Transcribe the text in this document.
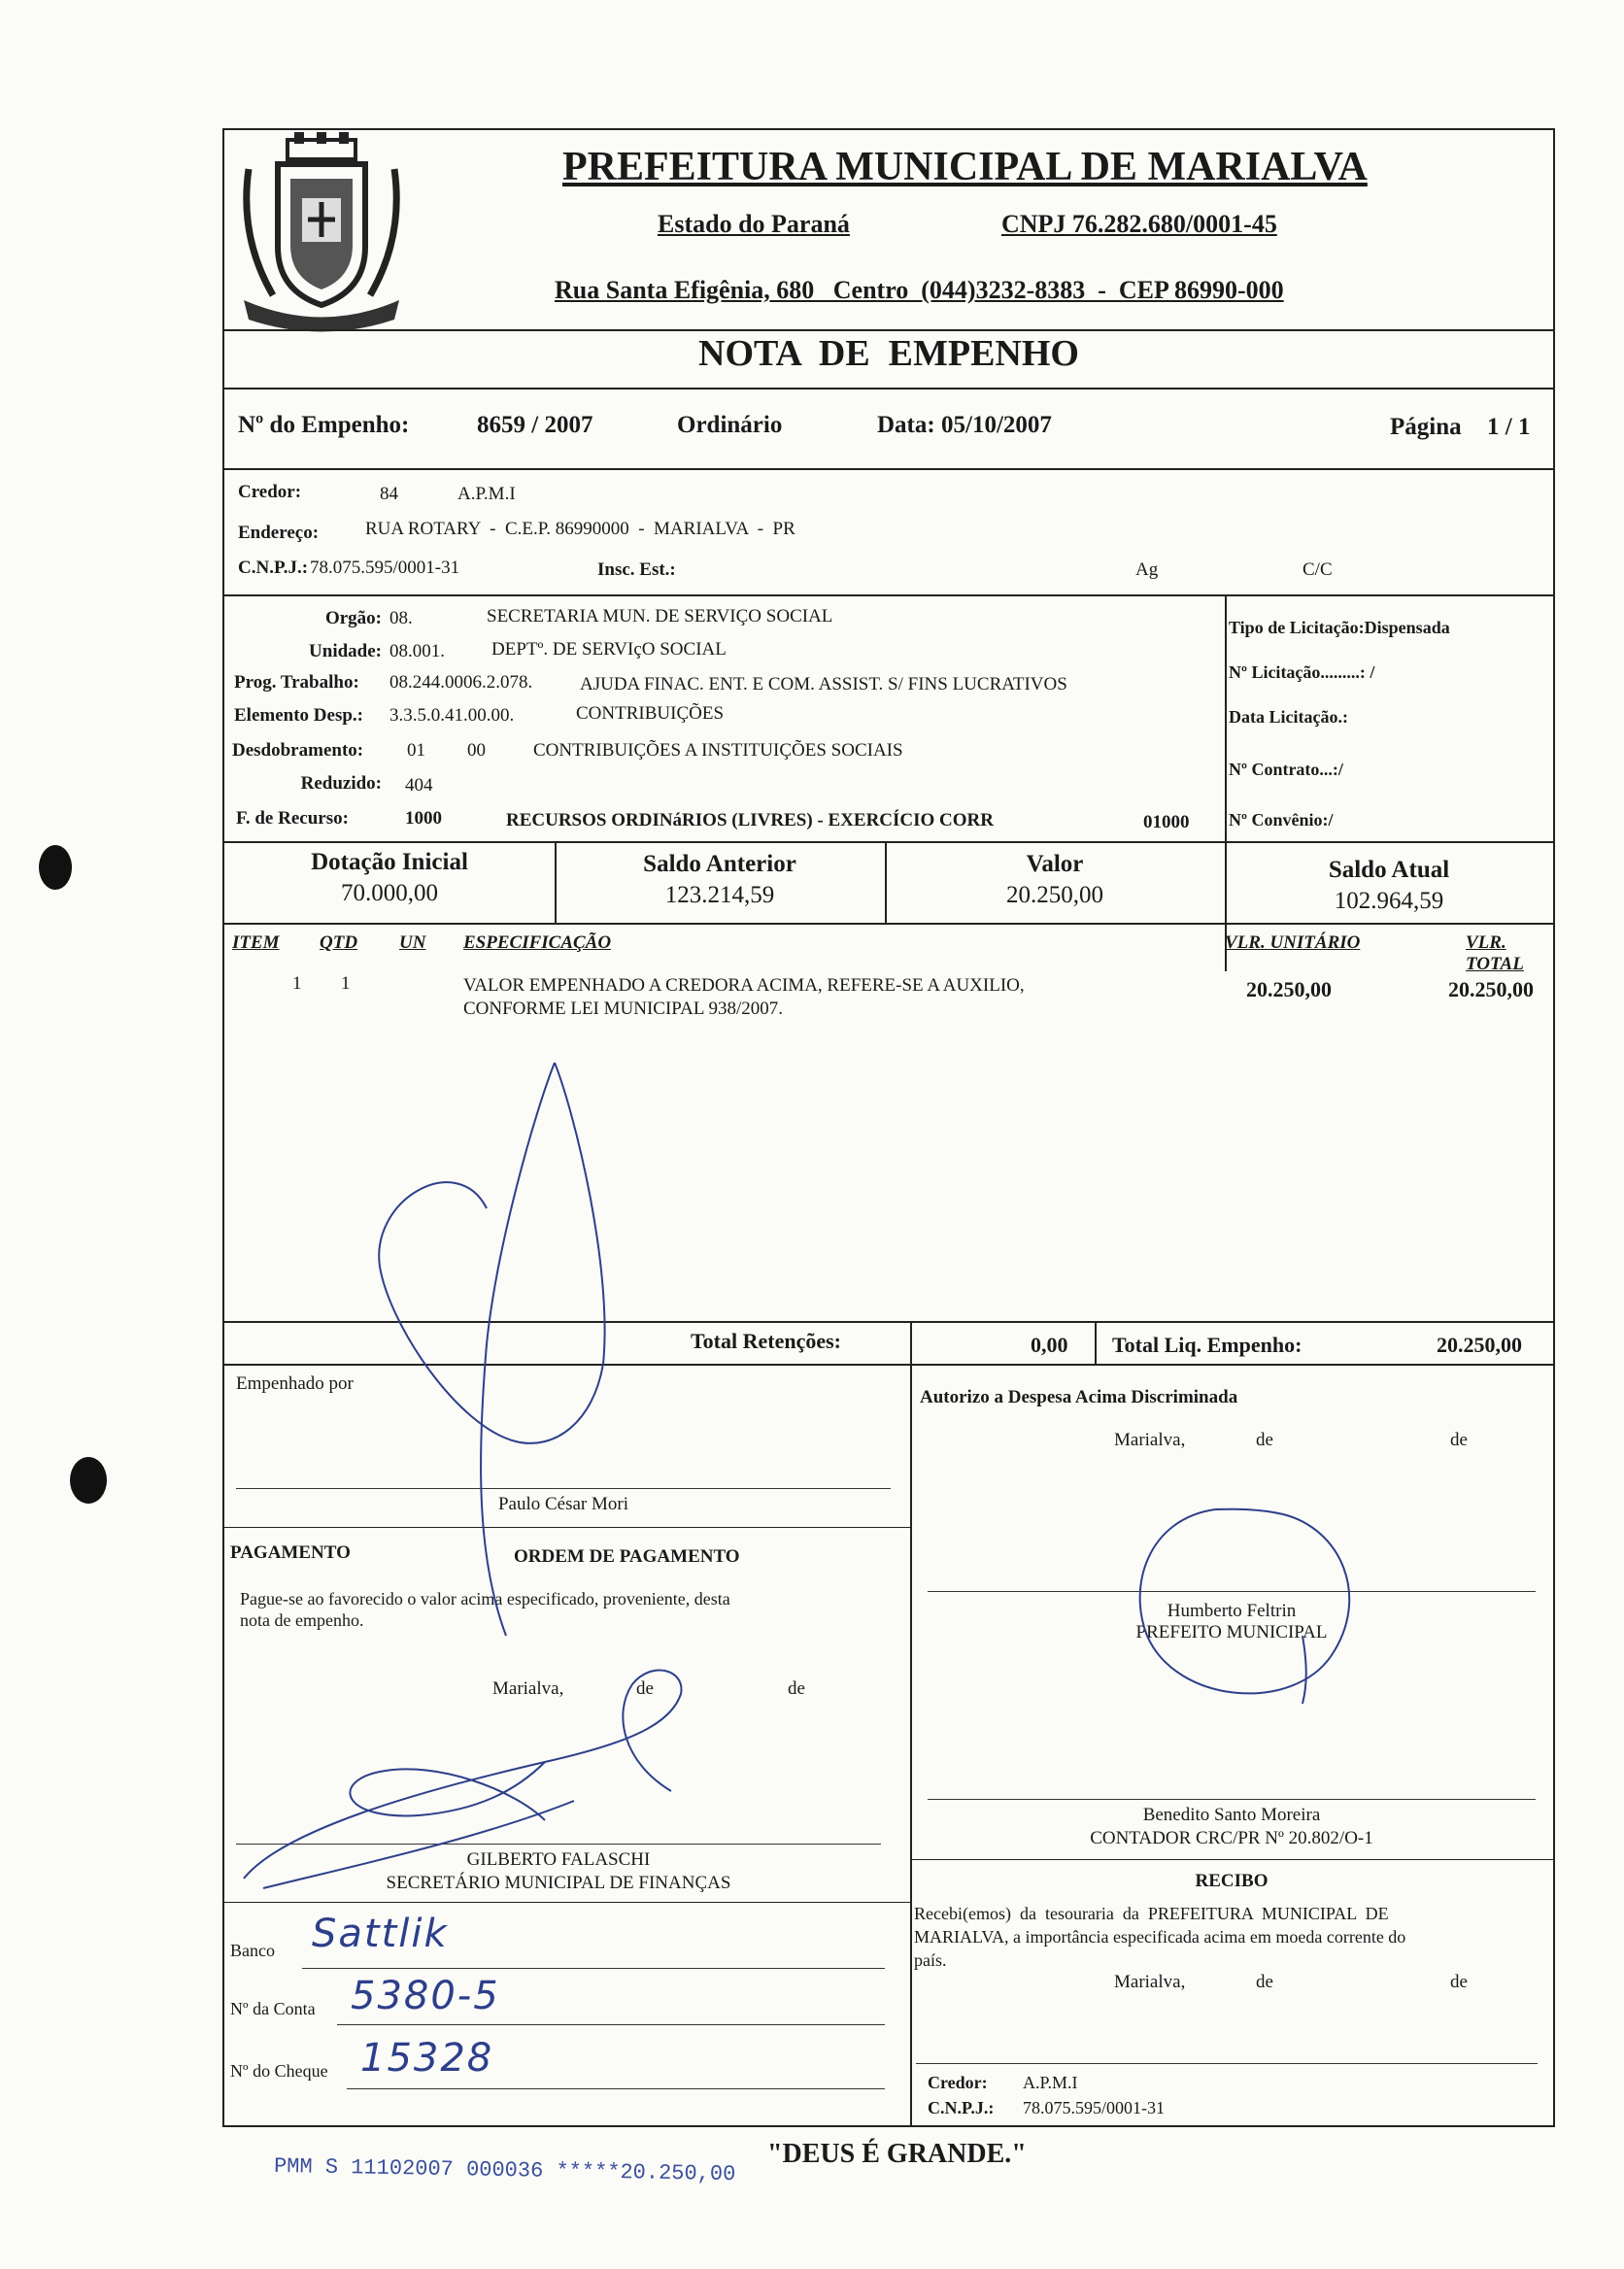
PREFEITURA MUNICIPAL DE MARIALVA
Estado do Paraná	CNPJ 76.282.680/0001-45
Rua Santa Efigênia, 680   Centro  (044)3232-8383  -  CEP 86990-000
NOTA  DE  EMPENHO
Nº do Empenho:	8659 / 2007	Ordinário	Data: 05/10/2007	Página 1 / 1
Credor:	84	A.P.M.I
Endereço:	RUA ROTARY  -  C.E.P. 86990000  -  MARIALVA  -  PR
C.N.P.J.: 78.075.595/0001-31	Insc. Est.:	Ag	C/C
Orgão: 08.	SECRETARIA MUN. DE SERVIÇO SOCIAL
Unidade: 08.001.	DEPTº. DE SERVIçO SOCIAL
Prog. Trabalho: 08.244.0006.2.078.	AJUDA FINAC. ENT. E COM. ASSIST. S/ FINS LUCRATIVOS
Elemento Desp.: 3.3.5.0.41.00.00.	CONTRIBUIÇÕES
Desdobramento: 01 00	CONTRIBUIÇÕES A INSTITUIÇÕES SOCIAIS
Reduzido: 404
F. de Recurso:	1000	RECURSOS ORDINáRIOS (LIVRES) - EXERCÍCIO CORR	01000
Tipo de Licitação:Dispensada
Nº Licitação.........: /
Data Licitação.:
Nº Contrato...:/
Nº Convênio:/
Dotação Inicial
70.000,00
Saldo Anterior
123.214,59
Valor
20.250,00
Saldo Atual
102.964,59
ITEM QTD UN ESPECIFICAÇÃO	VLR. UNITÁRIO	VLR. TOTAL
1 1	VALOR EMPENHADO A CREDORA ACIMA, REFERE-SE A AUXILIO,
CONFORME LEI MUNICIPAL 938/2007.
20.250,00	20.250,00
Total Retenções:	0,00 Total Liq. Empenho:	20.250,00
Empenhado por
Paulo César Mori
PAGAMENTO	ORDEM DE PAGAMENTO
Pague-se ao favorecido o valor acima especificado, proveniente, desta
nota de empenho.
Marialva,	de	de
GILBERTO FALASCHI
SECRETÁRIO MUNICIPAL DE FINANÇAS
Banco Sattlik
Nº da Conta 5380-5
Nº do Cheque 15328
Autorizo a Despesa Acima Discriminada
Marialva,	de	de
Humberto Feltrin
PREFEITO MUNICIPAL
Benedito Santo Moreira
CONTADOR CRC/PR Nº 20.802/O-1
RECIBO
Recebi(emos)  da  tesouraria  da  PREFEITURA  MUNICIPAL  DE
MARIALVA, a importância especificada acima em moeda corrente do
país.
Marialva,	de	de
Credor: A.P.M.I
C.N.P.J.: 78.075.595/0001-31
PMM S 11102007 000036 *****20.250,00
"DEUS É GRANDE."
